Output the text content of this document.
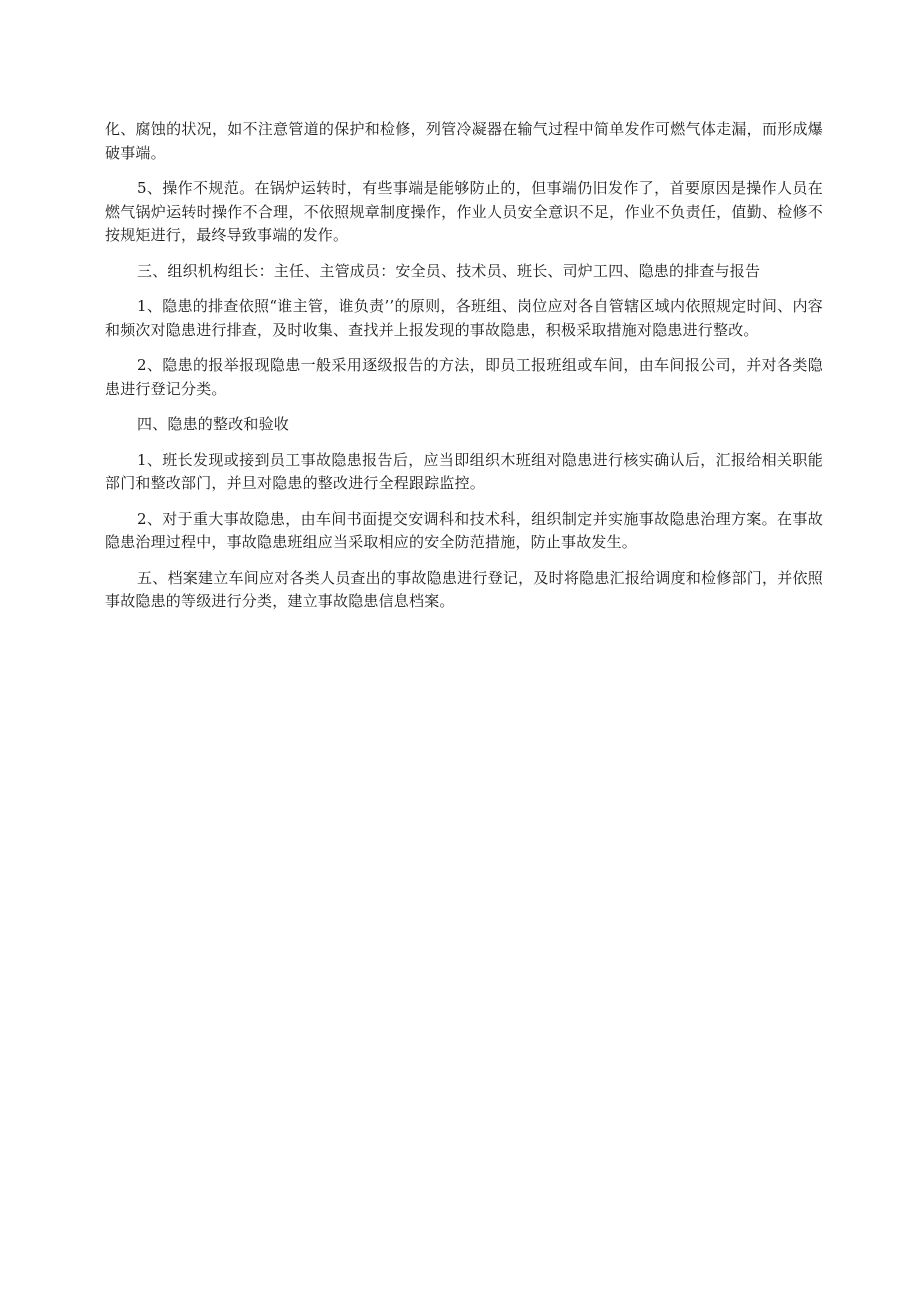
化、腐蚀的状况，如不注意管道的保护和检修，列管冷凝器在输气过程中简单发作可燃气体走漏，而形成爆破事端。

5、操作不规范。在锅炉运转时，有些事端是能够防止的，但事端仍旧发作了，首要原因是操作人员在燃气锅炉运转时操作不合理，不依照规章制度操作，作业人员安全意识不足，作业不负责任，值勤、检修不按规矩进行，最终导致事端的发作。

三、组织机构组长：主任、主管成员：安全员、技术员、班长、司炉工四、隐患的排查与报告

1、隐患的排查依照“谁主管，谁负责’’的原则，各班组、岗位应对各自管辖区域内依照规定时间、内容和频次对隐患进行排查，及时收集、查找并上报发现的事故隐患，积极采取措施对隐患进行整改。

2、隐患的报举报现隐患一般采用逐级报告的方法，即员工报班组或车间，由车间报公司，并对各类隐患进行登记分类。

四、隐患的整改和验收

1、班长发现或接到员工事故隐患报告后，应当即组织木班组对隐患进行核实确认后，汇报给相关职能部门和整改部门，并旦对隐患的整改进行全程跟踪监控。

2、对于重大事故隐患，由车间书面提交安调科和技术科，组织制定并实施事故隐患治理方案。在事故隐患治理过程中，事故隐患班组应当采取相应的安全防范措施，防止事故发生。

五、档案建立车间应对各类人员查出的事故隐患进行登记，及时将隐患汇报给调度和检修部门，并依照事故隐患的等级进行分类，建立事故隐患信息档案。
